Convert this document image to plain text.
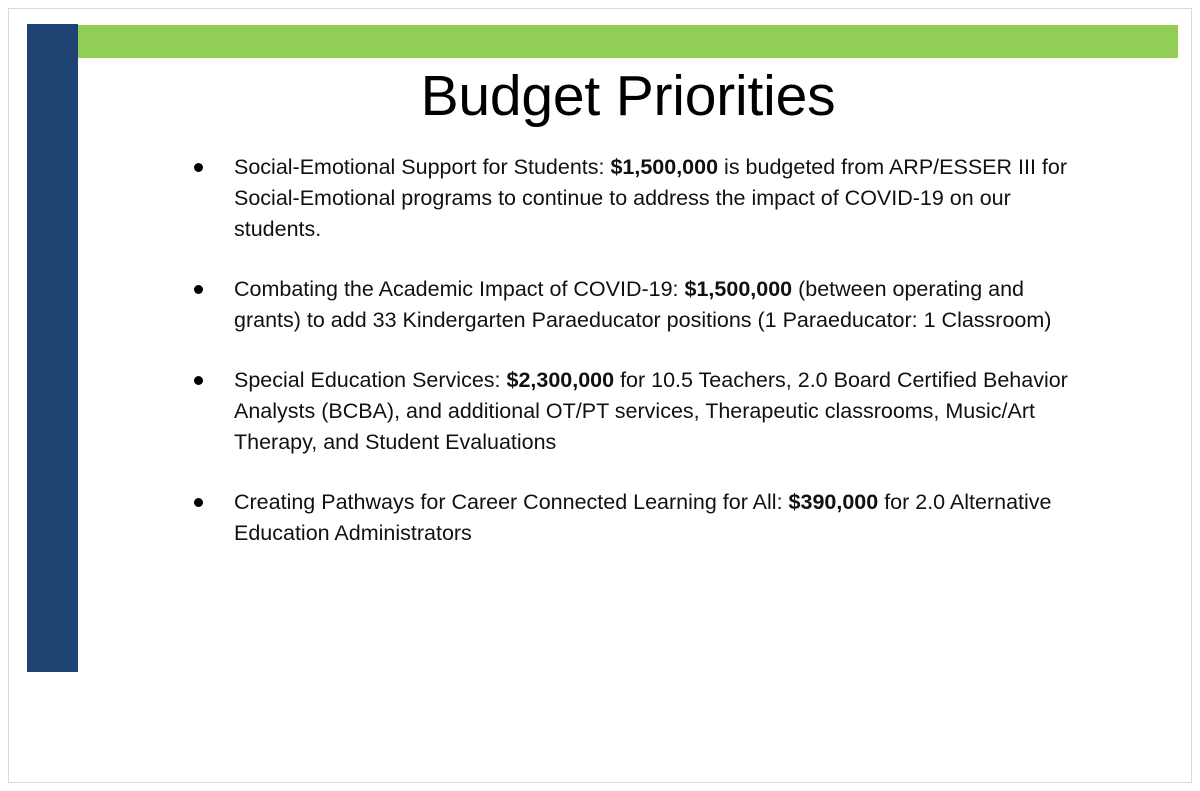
Budget Priorities
Social-Emotional Support for Students: $1,500,000 is budgeted from ARP/ESSER III for Social-Emotional programs to continue to address the impact of COVID-19 on our students.
Combating the Academic Impact of COVID-19: $1,500,000 (between operating and grants) to add 33 Kindergarten Paraeducator positions (1 Paraeducator: 1 Classroom)
Special Education Services: $2,300,000 for 10.5 Teachers, 2.0 Board Certified Behavior Analysts (BCBA), and additional OT/PT services, Therapeutic classrooms, Music/Art Therapy, and Student Evaluations
Creating Pathways for Career Connected Learning for All: $390,000 for 2.0 Alternative Education Administrators
